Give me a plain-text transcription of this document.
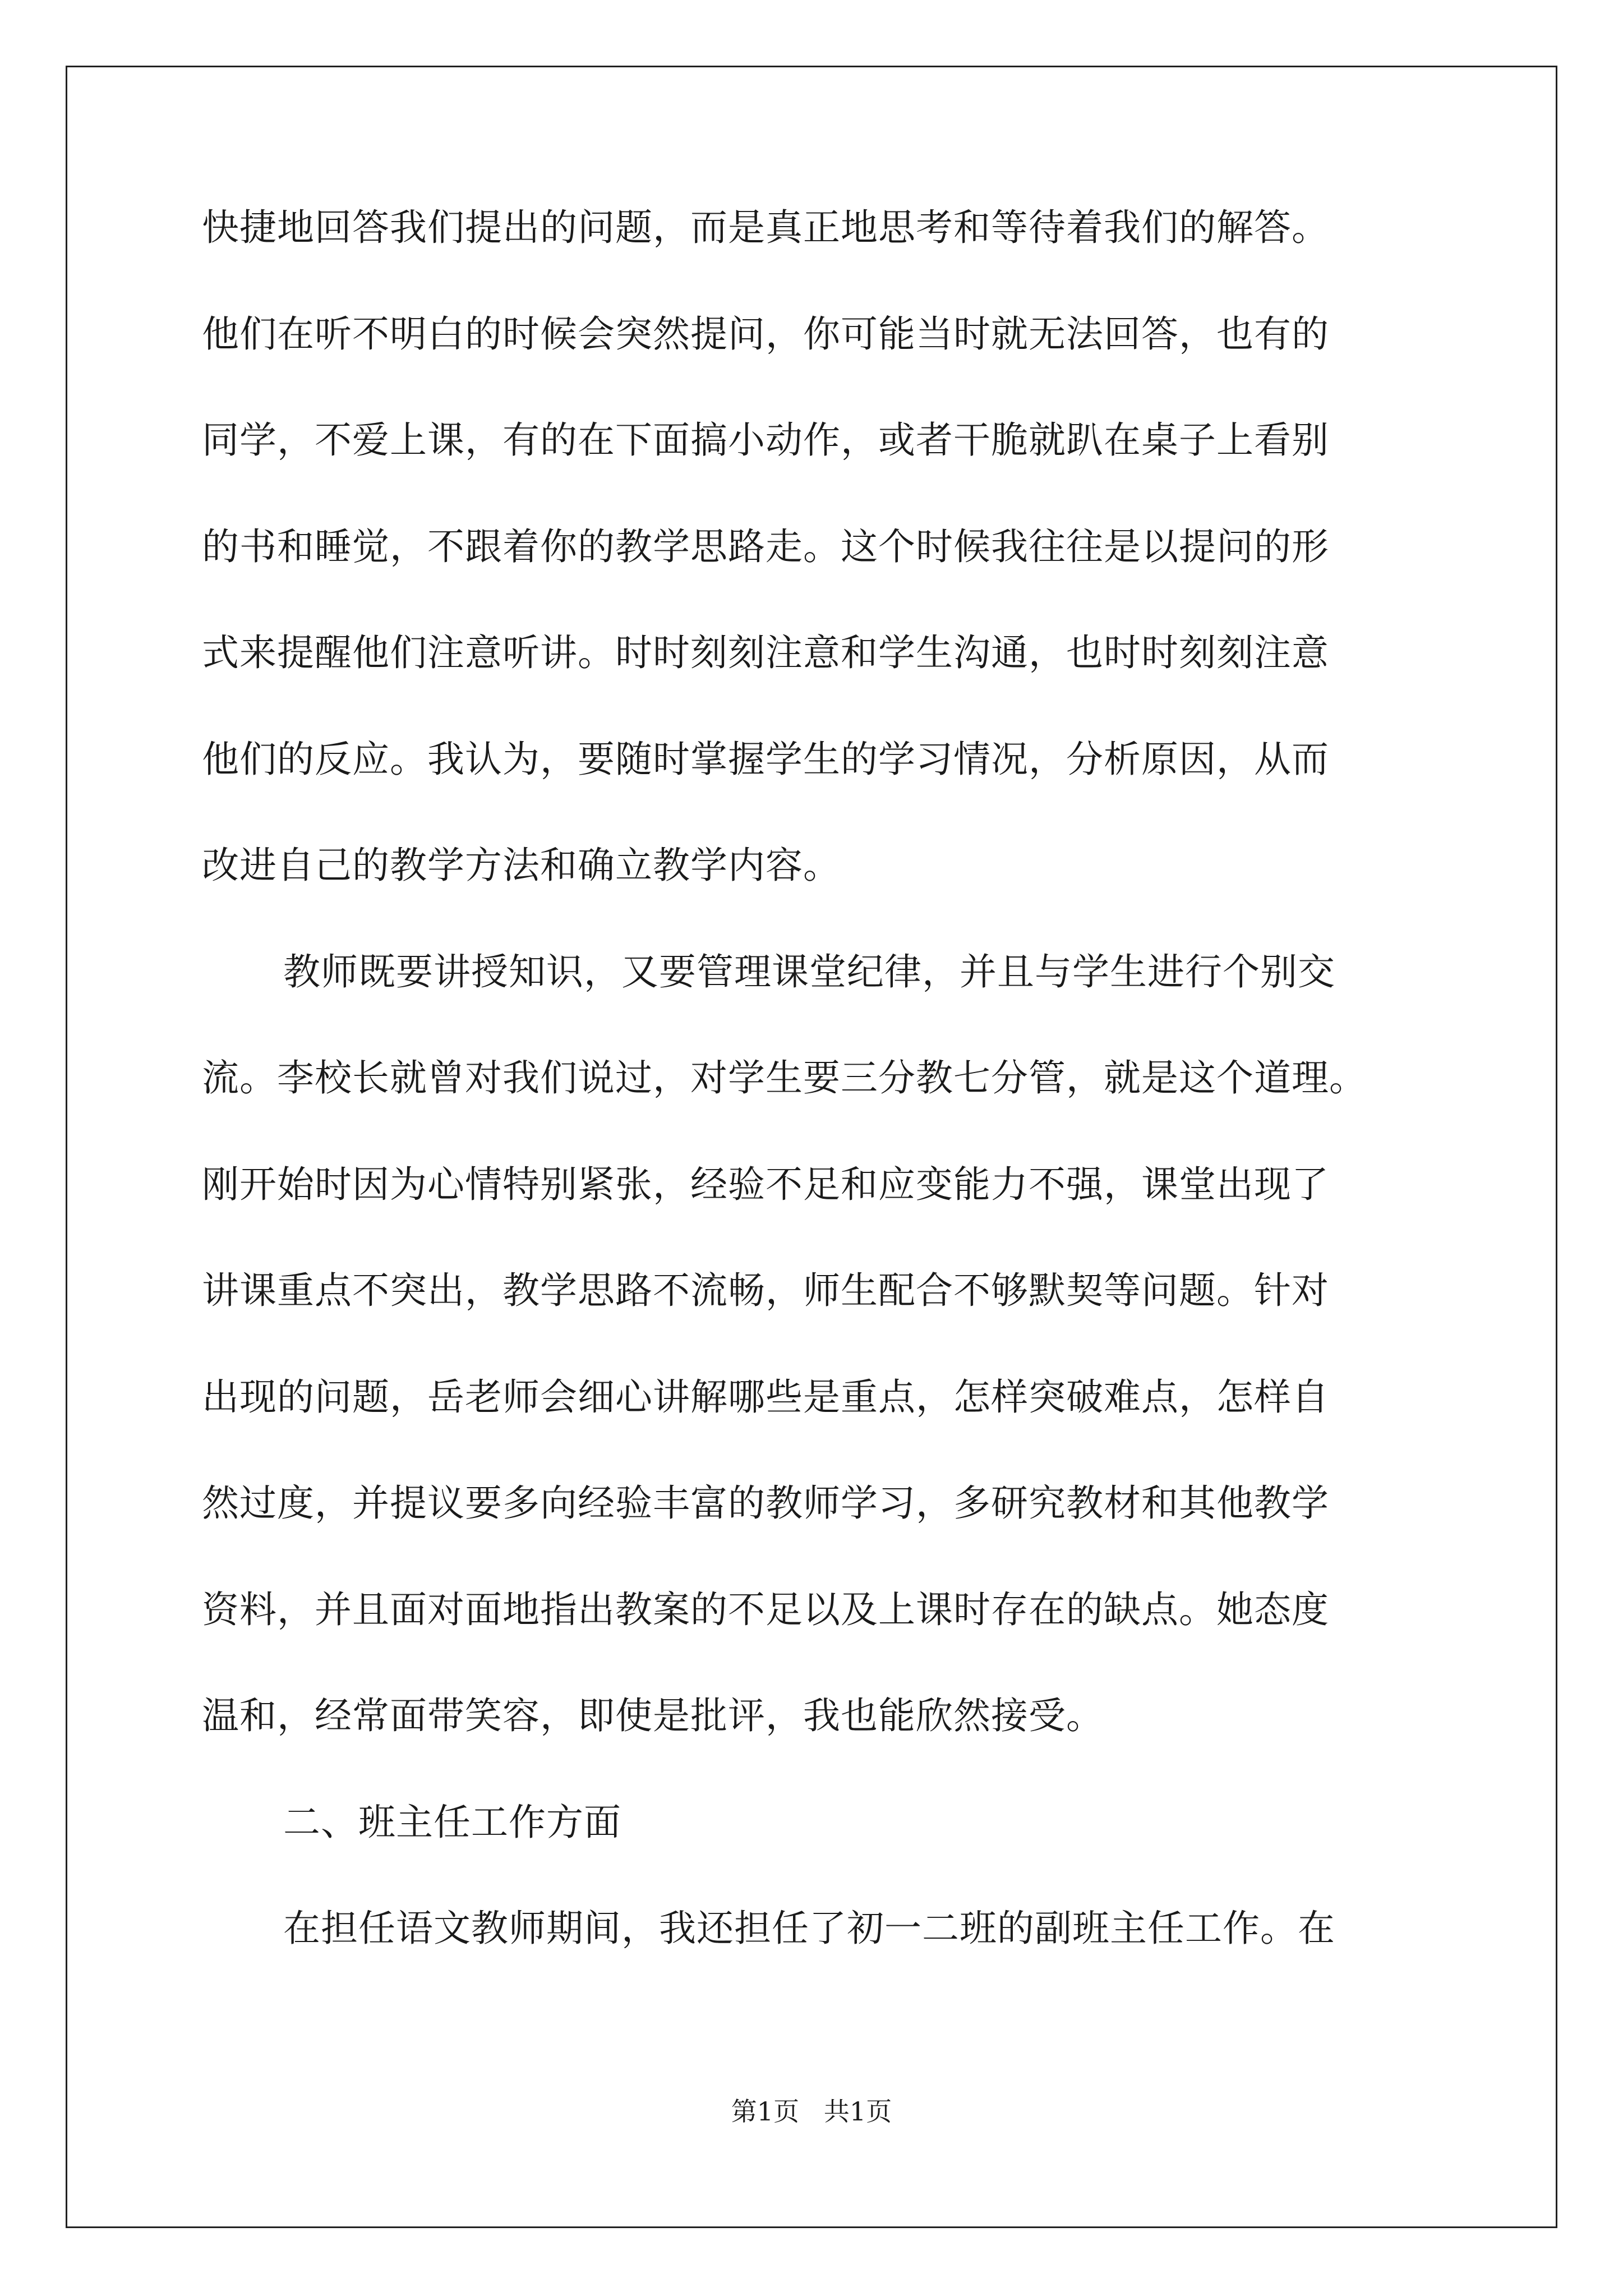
快捷地回答我们提出的问题，而是真正地思考和等待着我们的解答。
他们在听不明白的时候会突然提问，你可能当时就无法回答，也有的
同学，不爱上课，有的在下面搞小动作，或者干脆就趴在桌子上看别
的书和睡觉，不跟着你的教学思路走。这个时候我往往是以提问的形
式来提醒他们注意听讲。时时刻刻注意和学生沟通，也时时刻刻注意
他们的反应。我认为，要随时掌握学生的学习情况，分析原因，从而
改进自己的教学方法和确立教学内容。
教师既要讲授知识，又要管理课堂纪律，并且与学生进行个别交
流。李校长就曾对我们说过，对学生要三分教七分管，就是这个道理。
刚开始时因为心情特别紧张，经验不足和应变能力不强，课堂出现了
讲课重点不突出，教学思路不流畅，师生配合不够默契等问题。针对
出现的问题，岳老师会细心讲解哪些是重点，怎样突破难点，怎样自
然过度，并提议要多向经验丰富的教师学习，多研究教材和其他教学
资料，并且面对面地指出教案的不足以及上课时存在的缺点。她态度
温和，经常面带笑容，即使是批评，我也能欣然接受。
二、班主任工作方面
在担任语文教师期间，我还担任了初一二班的副班主任工作。在
第1页   共1页
